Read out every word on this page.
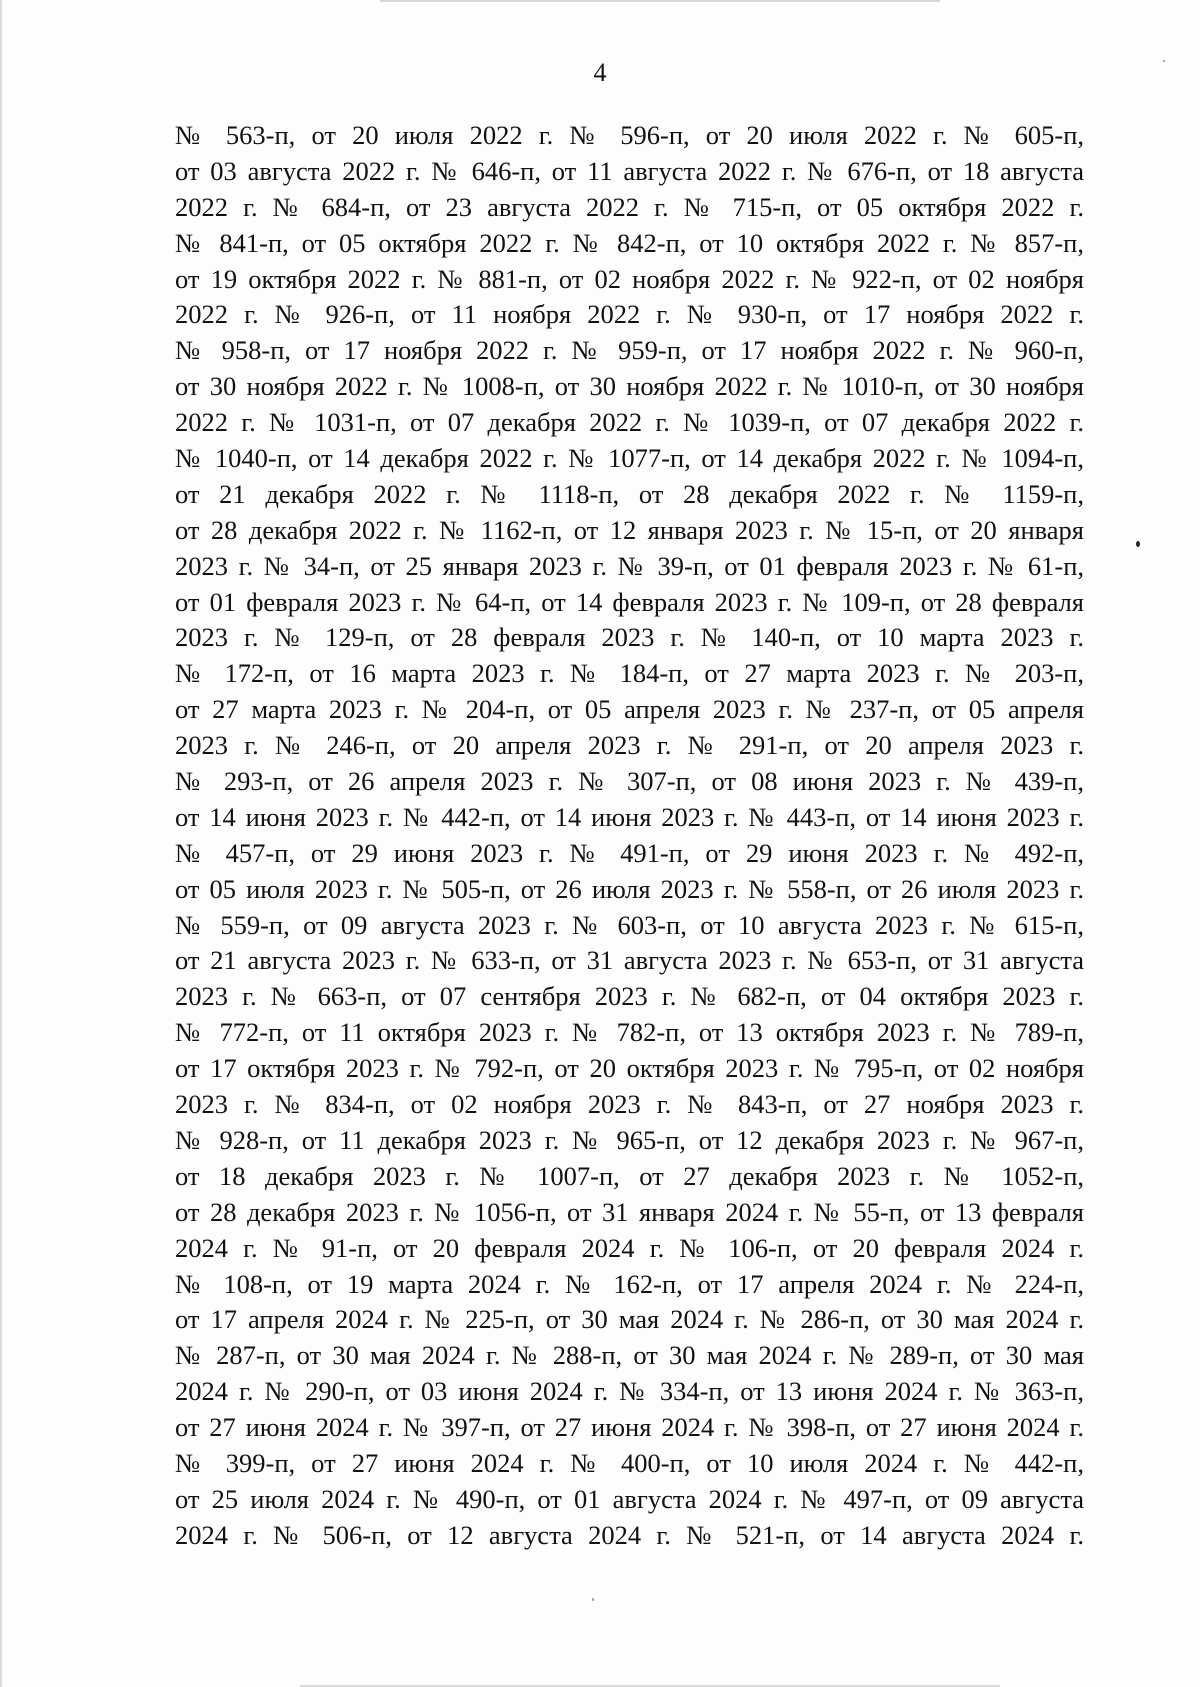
4
№ 563-п, от 20 июля 2022 г. № 596-п, от 20 июля 2022 г. № 605-п,
от 03 августа 2022 г. № 646-п, от 11 августа 2022 г. № 676-п, от 18 августа
2022 г. № 684-п, от 23 августа 2022 г. № 715-п, от 05 октября 2022 г.
№ 841-п, от 05 октября 2022 г. № 842-п, от 10 октября 2022 г. № 857-п,
от 19 октября 2022 г. № 881-п, от 02 ноября 2022 г. № 922-п, от 02 ноября
2022 г. № 926-п, от 11 ноября 2022 г. № 930-п, от 17 ноября 2022 г.
№ 958-п, от 17 ноября 2022 г. № 959-п, от 17 ноября 2022 г. № 960-п,
от 30 ноября 2022 г. № 1008-п, от 30 ноября 2022 г. № 1010-п, от 30 ноября
2022 г. № 1031-п, от 07 декабря 2022 г. № 1039-п, от 07 декабря 2022 г.
№ 1040-п, от 14 декабря 2022 г. № 1077-п, от 14 декабря 2022 г. № 1094-п,
от 21 декабря 2022 г. № 1118-п, от 28 декабря 2022 г. № 1159-п,
от 28 декабря 2022 г. № 1162-п, от 12 января 2023 г. № 15-п, от 20 января
2023 г. № 34-п, от 25 января 2023 г. № 39-п, от 01 февраля 2023 г. № 61-п,
от 01 февраля 2023 г. № 64-п, от 14 февраля 2023 г. № 109-п, от 28 февраля
2023 г. № 129-п, от 28 февраля 2023 г. № 140-п, от 10 марта 2023 г.
№ 172-п, от 16 марта 2023 г. № 184-п, от 27 марта 2023 г. № 203-п,
от 27 марта 2023 г. № 204-п, от 05 апреля 2023 г. № 237-п, от 05 апреля
2023 г. № 246-п, от 20 апреля 2023 г. № 291-п, от 20 апреля 2023 г.
№ 293-п, от 26 апреля 2023 г. № 307-п, от 08 июня 2023 г. № 439-п,
от 14 июня 2023 г. № 442-п, от 14 июня 2023 г. № 443-п, от 14 июня 2023 г.
№ 457-п, от 29 июня 2023 г. № 491-п, от 29 июня 2023 г. № 492-п,
от 05 июля 2023 г. № 505-п, от 26 июля 2023 г. № 558-п, от 26 июля 2023 г.
№ 559-п, от 09 августа 2023 г. № 603-п, от 10 августа 2023 г. № 615-п,
от 21 августа 2023 г. № 633-п, от 31 августа 2023 г. № 653-п, от 31 августа
2023 г. № 663-п, от 07 сентября 2023 г. № 682-п, от 04 октября 2023 г.
№ 772-п, от 11 октября 2023 г. № 782-п, от 13 октября 2023 г. № 789-п,
от 17 октября 2023 г. № 792-п, от 20 октября 2023 г. № 795-п, от 02 ноября
2023 г. № 834-п, от 02 ноября 2023 г. № 843-п, от 27 ноября 2023 г.
№ 928-п, от 11 декабря 2023 г. № 965-п, от 12 декабря 2023 г. № 967-п,
от 18 декабря 2023 г. № 1007-п, от 27 декабря 2023 г. № 1052-п,
от 28 декабря 2023 г. № 1056-п, от 31 января 2024 г. № 55-п, от 13 февраля
2024 г. № 91-п, от 20 февраля 2024 г. № 106-п, от 20 февраля 2024 г.
№ 108-п, от 19 марта 2024 г. № 162-п, от 17 апреля 2024 г. № 224-п,
от 17 апреля 2024 г. № 225-п, от 30 мая 2024 г. № 286-п, от 30 мая 2024 г.
№ 287-п, от 30 мая 2024 г. № 288-п, от 30 мая 2024 г. № 289-п, от 30 мая
2024 г. № 290-п, от 03 июня 2024 г. № 334-п, от 13 июня 2024 г. № 363-п,
от 27 июня 2024 г. № 397-п, от 27 июня 2024 г. № 398-п, от 27 июня 2024 г.
№ 399-п, от 27 июня 2024 г. № 400-п, от 10 июля 2024 г. № 442-п,
от 25 июля 2024 г. № 490-п, от 01 августа 2024 г. № 497-п, от 09 августа
2024 г. № 506-п, от 12 августа 2024 г. № 521-п, от 14 августа 2024 г.
